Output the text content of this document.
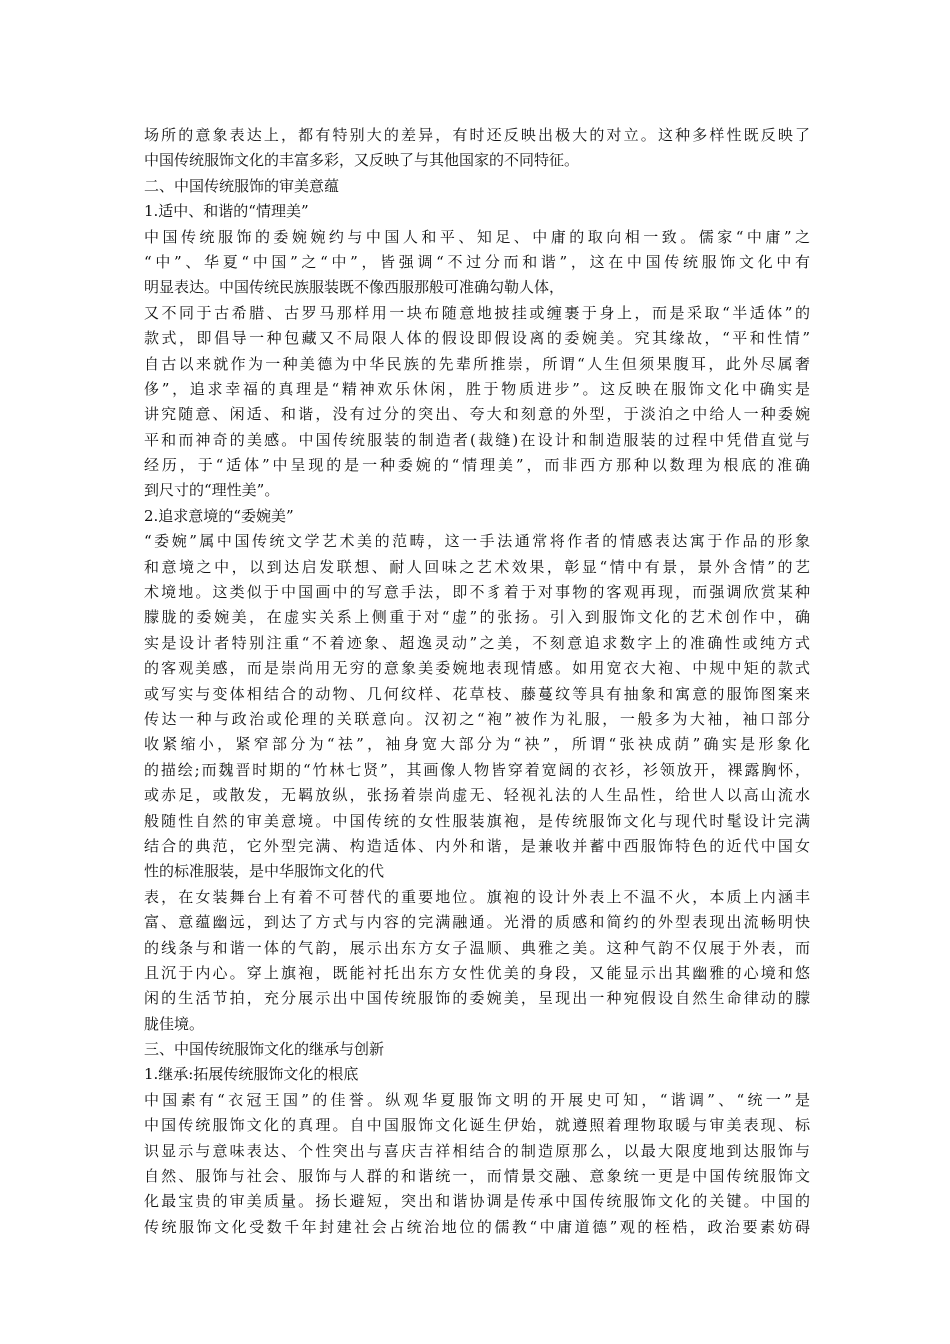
场所的意象表达上，都有特别大的差异，有时还反映出极大的对立。这种多样性既反映了
中国传统服饰文化的丰富多彩，又反映了与其他国家的不同特征。
二、中国传统服饰的审美意蕴
1.适中、和谐的“情理美”
中国传统服饰的委婉婉约与中国人和平、知足、中庸的取向相一致。儒家“中庸”之
“中”、华夏“中国”之“中”，皆强调“不过分而和谐”，这在中国传统服饰文化中有
明显表达。中国传统民族服装既不像西服那般可准确勾勒人体，
又不同于古希腊、古罗马那样用一块布随意地披挂或缠裹于身上，而是采取“半适体”的
款式，即倡导一种包藏又不局限人体的假设即假设离的委婉美。究其缘故，“平和性情”
自古以来就作为一种美德为中华民族的先辈所推崇，所谓“人生但须果腹耳，此外尽属奢
侈”，追求幸福的真理是“精神欢乐休闲，胜于物质进步”。这反映在服饰文化中确实是
讲究随意、闲适、和谐，没有过分的突出、夸大和刻意的外型，于淡泊之中给人一种委婉
平和而神奇的美感。中国传统服装的制造者(裁缝)在设计和制造服装的过程中凭借直觉与
经历，于“适体”中呈现的是一种委婉的“情理美”，而非西方那种以数理为根底的准确
到尺寸的“理性美”。
2.追求意境的“委婉美”
“委婉”属中国传统文学艺术美的范畴，这一手法通常将作者的情感表达寓于作品的形象
和意境之中，以到达启发联想、耐人回味之艺术效果，彰显“情中有景，景外含情”的艺
术境地。这类似于中国画中的写意手法，即不豸着于对事物的客观再现，而强调欣赏某种
朦胧的委婉美，在虚实关系上侧重于对“虚”的张扬。引入到服饰文化的艺术创作中，确
实是设计者特别注重“不着迹象、超逸灵动”之美，不刻意追求数字上的准确性或纯方式
的客观美感，而是崇尚用无穷的意象美委婉地表现情感。如用宽衣大袍、中规中矩的款式
或写实与变体相结合的动物、几何纹样、花草枝、藤蔓纹等具有抽象和寓意的服饰图案来
传达一种与政治或伦理的关联意向。汉初之“袍”被作为礼服，一般多为大袖，袖口部分
收紧缩小，紧窄部分为“祛”，袖身宽大部分为“袂”，所谓“张袂成荫”确实是形象化
的描绘;而魏晋时期的“竹林七贤”，其画像人物皆穿着宽阔的衣衫，衫领放开，裸露胸怀，
或赤足，或散发，无羁放纵，张扬着崇尚虚无、轻视礼法的人生品性，给世人以高山流水
般随性自然的审美意境。中国传统的女性服装旗袍，是传统服饰文化与现代时髦设计完满
结合的典范，它外型完满、构造适体、内外和谐，是兼收并蓄中西服饰特色的近代中国女
性的标准服装，是中华服饰文化的代
表，在女装舞台上有着不可替代的重要地位。旗袍的设计外表上不温不火，本质上内涵丰
富、意蕴幽远，到达了方式与内容的完满融通。光滑的质感和简约的外型表现出流畅明快
的线条与和谐一体的气韵，展示出东方女子温顺、典雅之美。这种气韵不仅展于外表，而
且沉于内心。穿上旗袍，既能衬托出东方女性优美的身段，又能显示出其幽雅的心境和悠
闲的生活节拍，充分展示出中国传统服饰的委婉美，呈现出一种宛假设自然生命律动的朦
胧佳境。
三、中国传统服饰文化的继承与创新
1.继承:拓展传统服饰文化的根底
中国素有“衣冠王国”的佳誉。纵观华夏服饰文明的开展史可知，“谐调”、“统一”是
中国传统服饰文化的真理。自中国服饰文化诞生伊始，就遵照着理物取暖与审美表现、标
识显示与意味表达、个性突出与喜庆吉祥相结合的制造原那么，以最大限度地到达服饰与
自然、服饰与社会、服饰与人群的和谐统一，而情景交融、意象统一更是中国传统服饰文
化最宝贵的审美质量。扬长避短，突出和谐协调是传承中国传统服饰文化的关键。中国的
传统服饰文化受数千年封建社会占统治地位的儒教“中庸道德”观的桎梏，政治要素妨碍
